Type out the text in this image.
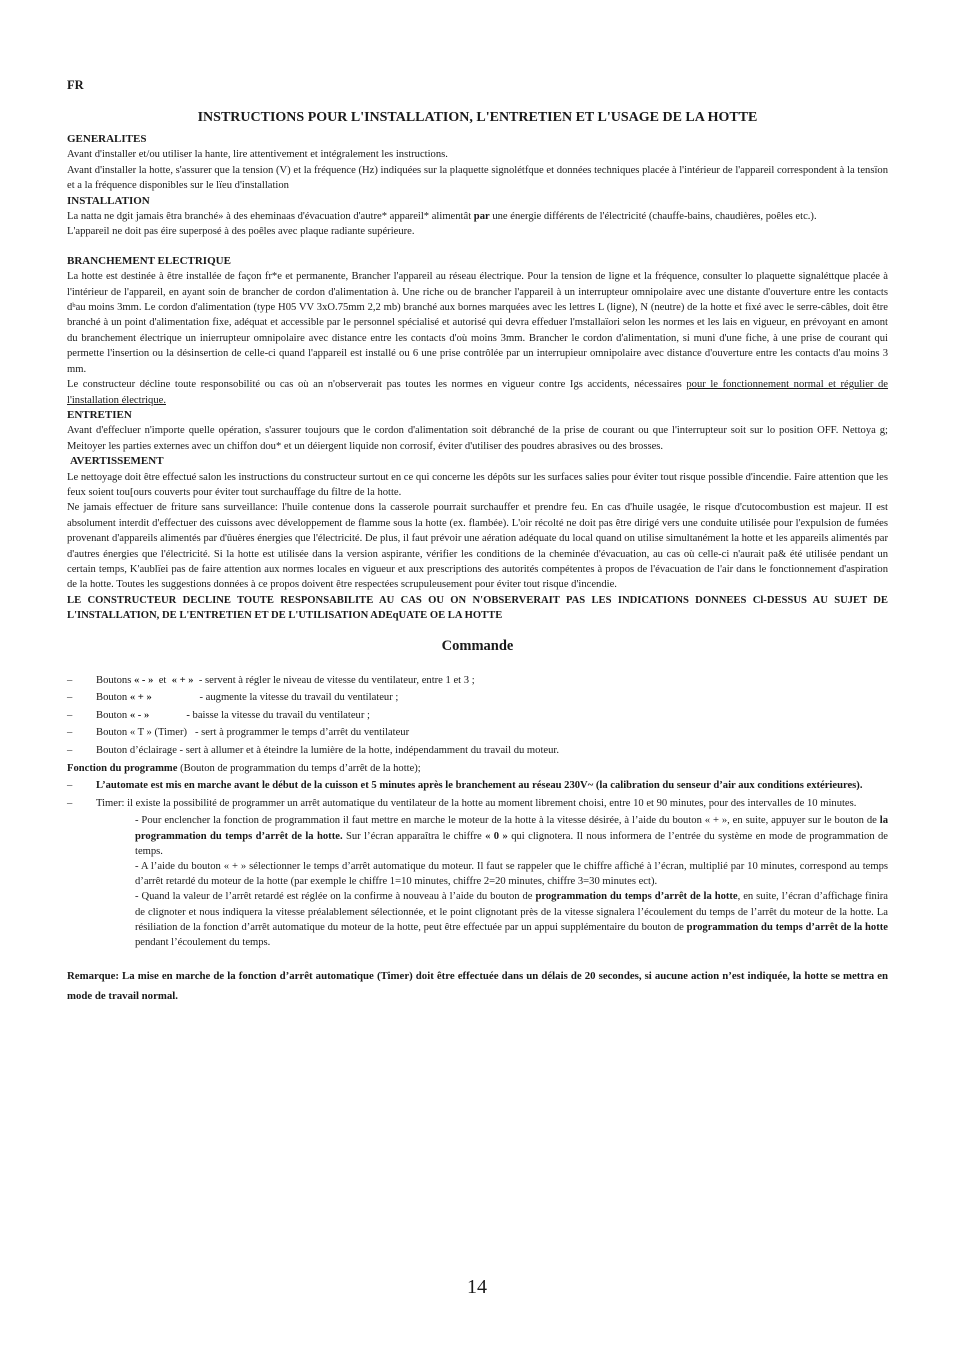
FR
INSTRUCTIONS POUR L'INSTALLATION, L'ENTRETIEN ET L'USAGE DE LA HOTTE
GENERALITES

Avant d'installer et/ou utiliser la hante, lire attentivement et intégralement les instructions.

Avant d'installer la hotte, s'assurer que la tension (V) et la fréquence (Hz) indiquées sur la plaquette signolétfque et données techniques placée à l'intérieur de l'appareil correspondent à la tensïon et a la fréquence disponibles sur le lïeu d'installation

INSTALLATION

La natta ne dgit jamais êtra branché» à des eheminaas d'évacuation d'autre* appareil* alimentât par une énergie différents de l'électricité (chauffe-bains, chaudières, poêles etc.).

L'appareil ne doit pas éire superposé à des poêles avec plaque radiante supérieure.

BRANCHEMENT ELECTRIQUE

La hotte est destinée à être installée de façon fr*e et permanente, Brancher l'appareil au réseau électrique. Pour la tension de ligne et la fréquence, consulter lo plaquette signaléttque placée à l'intérieur de l'appareil, en ayant soin de brancher de cordon d'alimentation à. Une riche ou de brancher l'appareil à un interrupteur omnipolaire avec une distante d'ouverture entre les contacts dᵇau moins 3mm. Le cordon d'alimentation (type H05 VV 3xO.75mm 2,2 mb) branché aux bornes marquées avec les lettres L (ligne), N (neutre) de la hotte et fixé avec le serre-câbles, doit être branché à un point d'alimentation fixe, adéquat et accessible par le personnel spécialisé et autorisé qui devra effeduer l'mstallaïori selon les normes et les lais en vigueur, en prévoyant en amont du branchement électrique un inierrupteur omnipolaire avec distance entre les contacts d'où moins 3mm. Brancher le cordon d'alimentation, si muni d'une fiche, à une prise de courant qui permette l'insertion ou la désinsertion de celle-ci quand l'appareil est installé ou 6 une prise contrôlée par un interrupieur omnipolaire avec distance d'ouverture entre les contacts d'au moins 3 mm.

Le constructeur décline toute responsobilité ou cas où an n'observerait pas toutes les normes en vigueur contre Igs accidents, nécessaires pour le fonctionnement normal et régulier de l'installation électrique.

ENTRETIEN

Avant d'effecluer n'importe quelle opération, s'assurer toujours que le cordon d'alimentation soit débranché de la prise de courant ou que l'interrupteur soit sur lo position OFF. Nettoya g; Meitoyer les parties externes avec un chiffon dou* et un déiergent liquide non corrosif, éviter d'utiliser des poudres abrasives ou des brosses.

AVERTISSEMENT

Le nettoyage doit être effectué salon les instructions du constructeur surtout en ce qui concerne les dépôts sur les surfaces salies pour éviter tout risque possible d'incendie. Faire attention que les feux soient tou[ours couverts pour éviter tout surchauffage du filtre de la hotte.

Ne jamais effectuer de friture sans surveillance: l'huile contenue dons la casserole pourrait surchauffer et prendre feu. En cas d'huile usagée, le risque d'cutocombustion est majeur. II est absolument interdit d'effectuer des cuissons avec développement de flamme sous la hotte (ex. flambée). L'oir récolté ne doit pas être dirigé vers une conduite utilisée pour l'expulsion de fumées provenant d'appareils alimentés par d'ûuères énergies que l'électricité. De plus, il faut prévoir une aération adéquate du local quand on utilise simultanément la hotte et les appareils alimentés par d'autres énergies que l'électricité. Si la hotte est utilisée dans la version aspirante, vérifier les conditions de la cheminée d'évacuation, au cas où celle-ci n'aurait pa& été utilisée pendant un certain temps, K'aublïei pas de faire attention aux normes locales en vigueur et aux prescriptions des autorités compétentes à propos de l'évacuation de l'air dans le fonctionnement d'aspiration de la hotte. Toutes les suggestions données à ce propos doivent être respectées scrupuleusement pour éviter tout risque d'incendie.

LE CONSTRUCTEUR DECLINE TOUTE RESPONSABILITE AU CAS OU ON N'OBSERVERAIT PAS LES INDICATIONS DONNEES Cl-DESSUS AU SUJET DE L'INSTALLATION, DE L'ENTRETIEN ET DE L'UTILISATION ADEqUATE OE LA HOTTE

Commande
– Boutons « - »  et  « + »  - servent à régler le niveau de vitesse du ventilateur, entre 1 et 3 ;
– Bouton « + »                  - augmente la vitesse du travail du ventilateur ;
– Bouton « - »	- baisse la vitesse du travail du ventilateur ;
– Bouton « T » (Timer)   - sert à programmer le temps d’arrêt du ventilateur
– Bouton d’éclairage - sert à allumer et à éteindre la lumière de la hotte, indépendamment du travail du moteur.
Fonction du programme (Bouton de programmation du temps d’arrêt de la hotte);
– L’automate est mis en marche avant le début de la cuisson et 5 minutes après le branchement au réseau 230V~ (la calibration du senseur d’air aux conditions extérieures).
– Timer: il existe la possibilité de programmer un arrêt automatique du ventilateur de la hotte au moment librement choisi, entre 10 et 90 minutes, pour des intervalles de 10 minutes.

- Pour enclencher la fonction de programmation il faut mettre en marche le moteur de la hotte à la vitesse désirée, à l’aide du bouton « + », en suite, appuyer sur le bouton de la programmation du temps d’arrêt de la hotte. Sur l’écran apparaîtra le chiffre « 0 » qui clignotera. Il nous informera de l’entrée du système en mode de programmation de temps.

- A l’aide du bouton « + » sélectionner le temps d’arrêt automatique du moteur. Il faut se rappeler que le chiffre affiché à l’écran, multiplié par 10 minutes, correspond au temps d’arrêt retardé du moteur de la hotte (par exemple le chiffre 1=10 minutes, chiffre 2=20 minutes, chiffre 3=30 minutes ect).

- Quand la valeur de l’arrêt retardé est réglée on la confirme à nouveau à l’aide du bouton de programmation du temps d’arrêt de la hotte, en suite, l’écran d’affichage finira de clignoter et nous indiquera la vitesse préalablement sélectionnée, et le point clignotant près de la vitesse signalera l’écoulement du temps de l’arrêt du moteur de la hotte. La résiliation de la fonction d’arrêt automatique du moteur de la hotte, peut être effectuée par un appui supplémentaire du bouton de programmation du temps d’arrêt de la hotte pendant l’écoulement du temps.

Remarque: La mise en marche de la fonction d’arrêt automatique (Timer) doit être effectuée dans un délais de 20 secondes, si aucune action n’est indiquée, la hotte se mettra en mode de travail normal.

14
